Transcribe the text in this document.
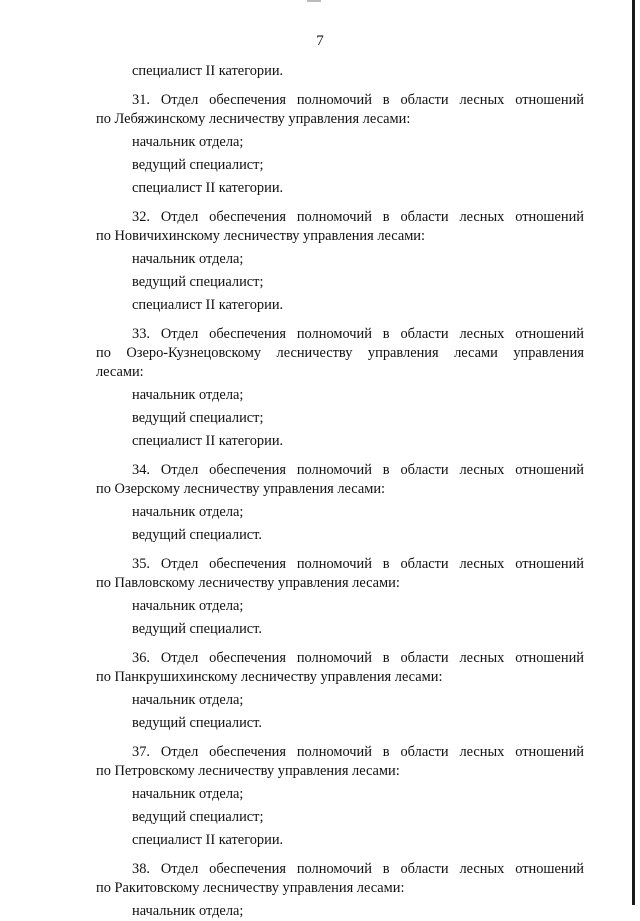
7
специалист II категории.
31. Отдел обеспечения полномочий в области лесных отношений
по Лебяжинскому лесничеству управления лесами:
начальник отдела;
ведущий специалист;
специалист II категории.
32. Отдел обеспечения полномочий в области лесных отношений
по Новичихинскому лесничеству управления лесами:
начальник отдела;
ведущий специалист;
специалист II категории.
33. Отдел обеспечения полномочий в области лесных отношений
по Озеро-Кузнецовскому лесничеству управления лесами управления
лесами:
начальник отдела;
ведущий специалист;
специалист II категории.
34. Отдел обеспечения полномочий в области лесных отношений
по Озерскому лесничеству управления лесами:
начальник отдела;
ведущий специалист.
35. Отдел обеспечения полномочий в области лесных отношений
по Павловскому лесничеству управления лесами:
начальник отдела;
ведущий специалист.
36. Отдел обеспечения полномочий в области лесных отношений
по Панкрушихинскому лесничеству управления лесами:
начальник отдела;
ведущий специалист.
37. Отдел обеспечения полномочий в области лесных отношений
по Петровскому лесничеству управления лесами:
начальник отдела;
ведущий специалист;
специалист II категории.
38. Отдел обеспечения полномочий в области лесных отношений
по Ракитовскому лесничеству управления лесами:
начальник отдела;
